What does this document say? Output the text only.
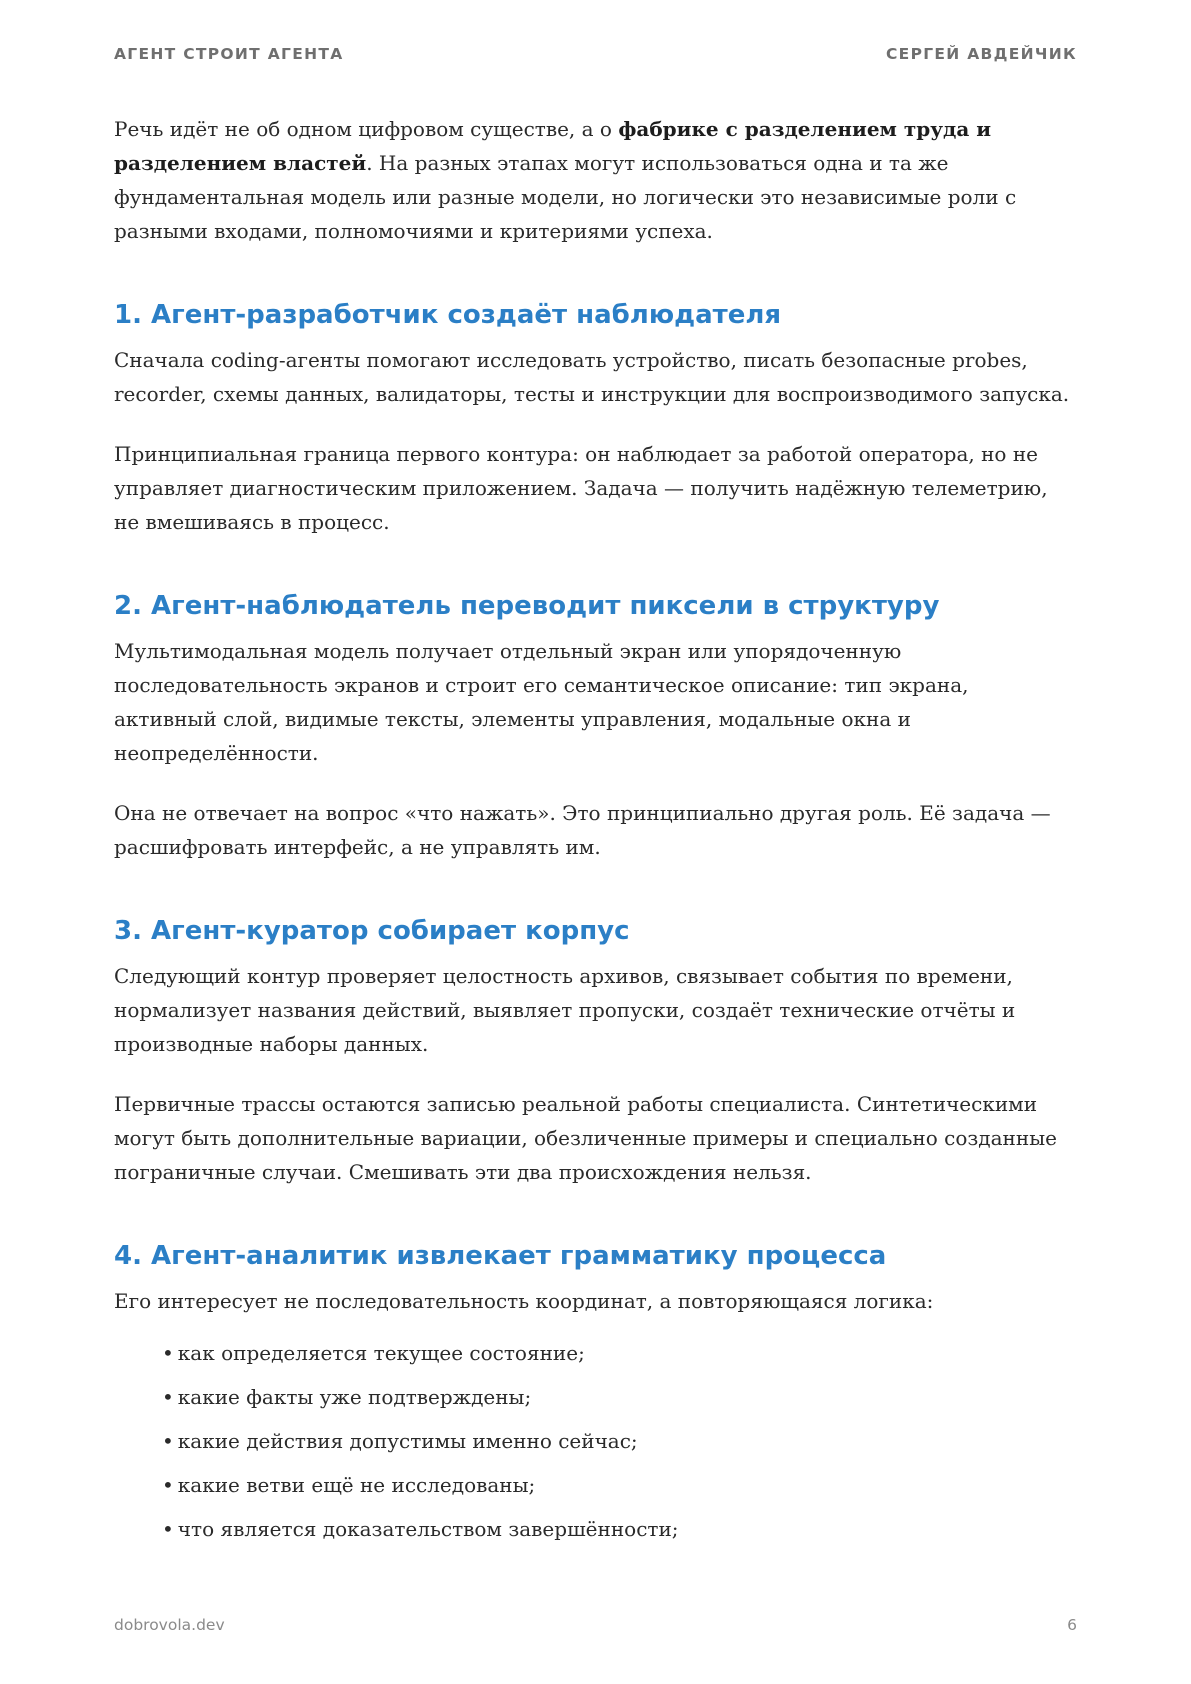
АГЕНТ СТРОИТ АГЕНТА	СЕРГЕЙ АВДЕЙЧИК

Речь идёт не об одном цифровом существе, а о фабрике с разделением труда и разделением властей. На разных этапах могут использоваться одна и та же фундаментальная модель или разные модели, но логически это независимые роли с разными входами, полномочиями и критериями успеха.

1. Агент-разработчик создаёт наблюдателя

Сначала coding-агенты помогают исследовать устройство, писать безопасные probes, recorder, схемы данных, валидаторы, тесты и инструкции для воспроизводимого запуска.

Принципиальная граница первого контура: он наблюдает за работой оператора, но не управляет диагностическим приложением. Задача — получить надёжную телеметрию, не вмешиваясь в процесс.

2. Агент-наблюдатель переводит пиксели в структуру

Мультимодальная модель получает отдельный экран или упорядоченную последовательность экранов и строит его семантическое описание: тип экрана, активный слой, видимые тексты, элементы управления, модальные окна и неопределённости.

Она не отвечает на вопрос «что нажать». Это принципиально другая роль. Её задача — расшифровать интерфейс, а не управлять им.

3. Агент-куратор собирает корпус

Следующий контур проверяет целостность архивов, связывает события по времени, нормализует названия действий, выявляет пропуски, создаёт технические отчёты и производные наборы данных.

Первичные трассы остаются записью реальной работы специалиста. Синтетическими могут быть дополнительные вариации, обезличенные примеры и специально созданные пограничные случаи. Смешивать эти два происхождения нельзя.

4. Агент-аналитик извлекает грамматику процесса

Его интересует не последовательность координат, а повторяющаяся логика:

• как определяется текущее состояние;
• какие факты уже подтверждены;
• какие действия допустимы именно сейчас;
• какие ветви ещё не исследованы;
• что является доказательством завершённости;
dobrovola.dev	6
